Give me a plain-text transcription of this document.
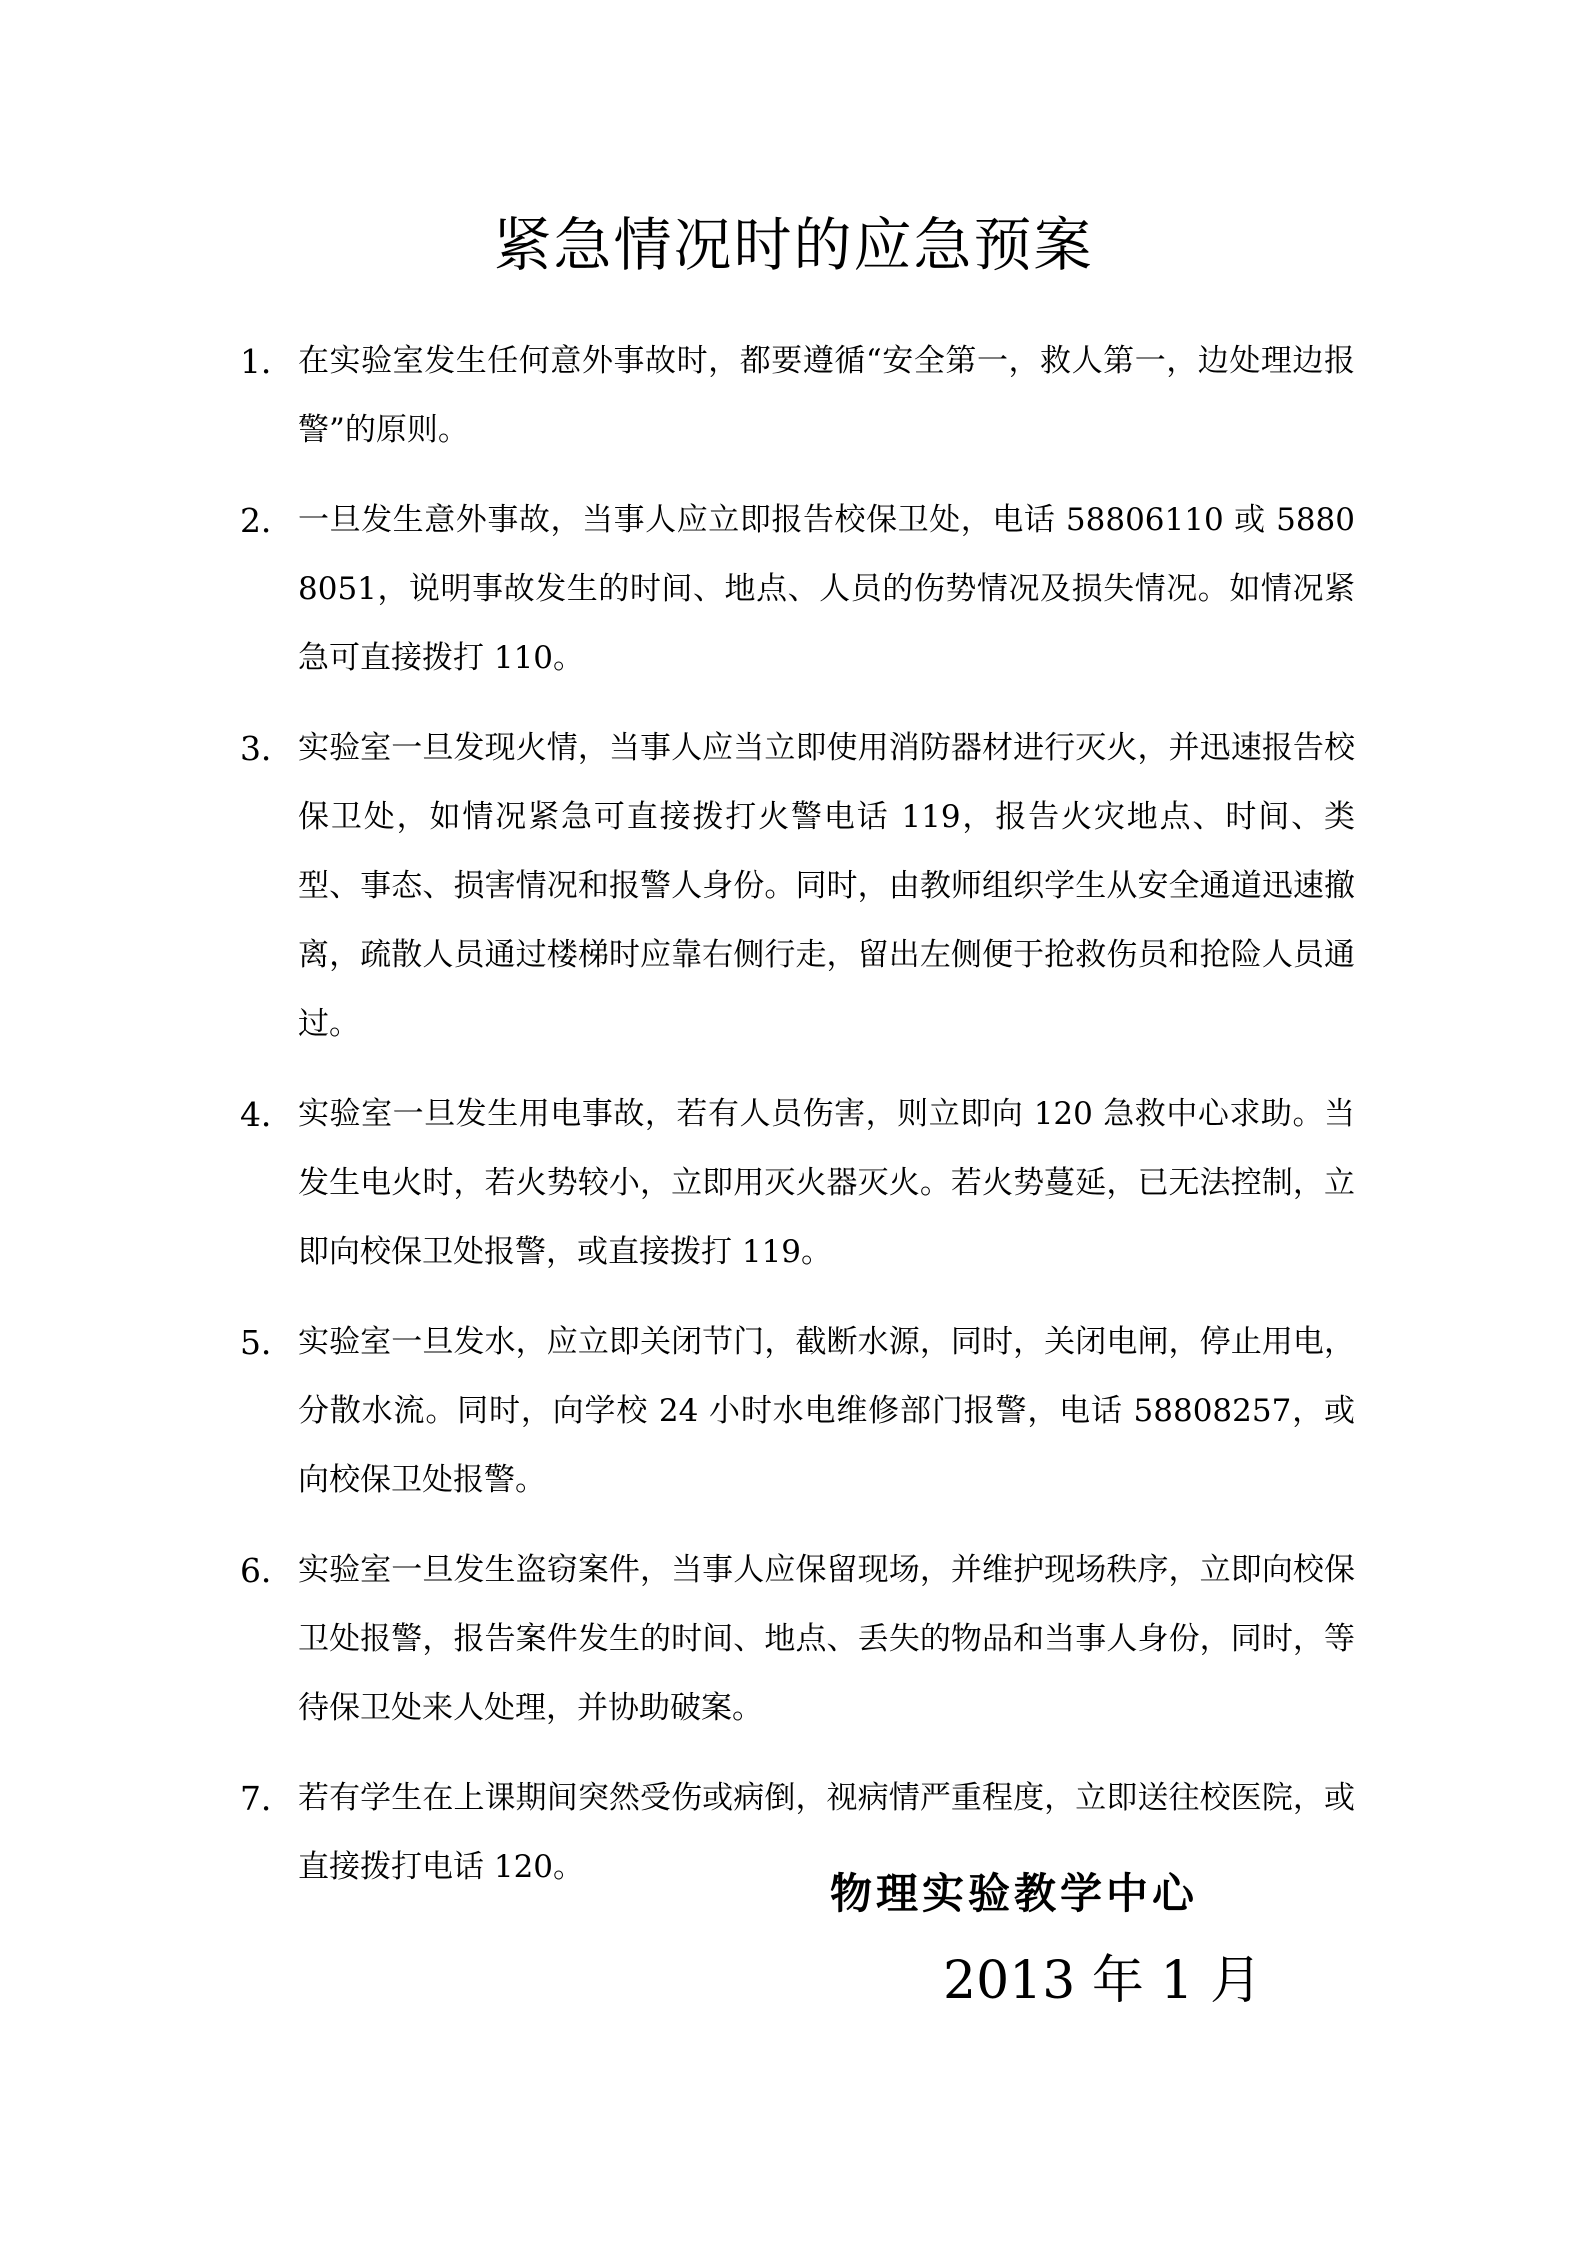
紧急情况时的应急预案
1． 在实验室发生任何意外事故时，都要遵循“安全第一，救人第一，边处理边报警”的原则。
2． 一旦发生意外事故，当事人应立即报告校保卫处，电话 58806110 或 58808051，说明事故发生的时间、地点、人员的伤势情况及损失情况。如情况紧急可直接拨打 110。
3． 实验室一旦发现火情，当事人应当立即使用消防器材进行灭火，并迅速报告校保卫处，如情况紧急可直接拨打火警电话 119，报告火灾地点、时间、类型、事态、损害情况和报警人身份。同时，由教师组织学生从安全通道迅速撤离，疏散人员通过楼梯时应靠右侧行走，留出左侧便于抢救伤员和抢险人员通过。
4． 实验室一旦发生用电事故，若有人员伤害，则立即向 120 急救中心求助。当发生电火时，若火势较小，立即用灭火器灭火。若火势蔓延，已无法控制，立即向校保卫处报警，或直接拨打 119。
5． 实验室一旦发水，应立即关闭节门，截断水源，同时，关闭电闸，停止用电，分散水流。同时，向学校 24 小时水电维修部门报警，电话 58808257，或向校保卫处报警。
6． 实验室一旦发生盗窃案件，当事人应保留现场，并维护现场秩序，立即向校保卫处报警，报告案件发生的时间、地点、丢失的物品和当事人身份，同时，等待保卫处来人处理，并协助破案。
7． 若有学生在上课期间突然受伤或病倒，视病情严重程度，立即送往校医院，或直接拨打电话 120。
物理实验教学中心
2013 年 1 月
